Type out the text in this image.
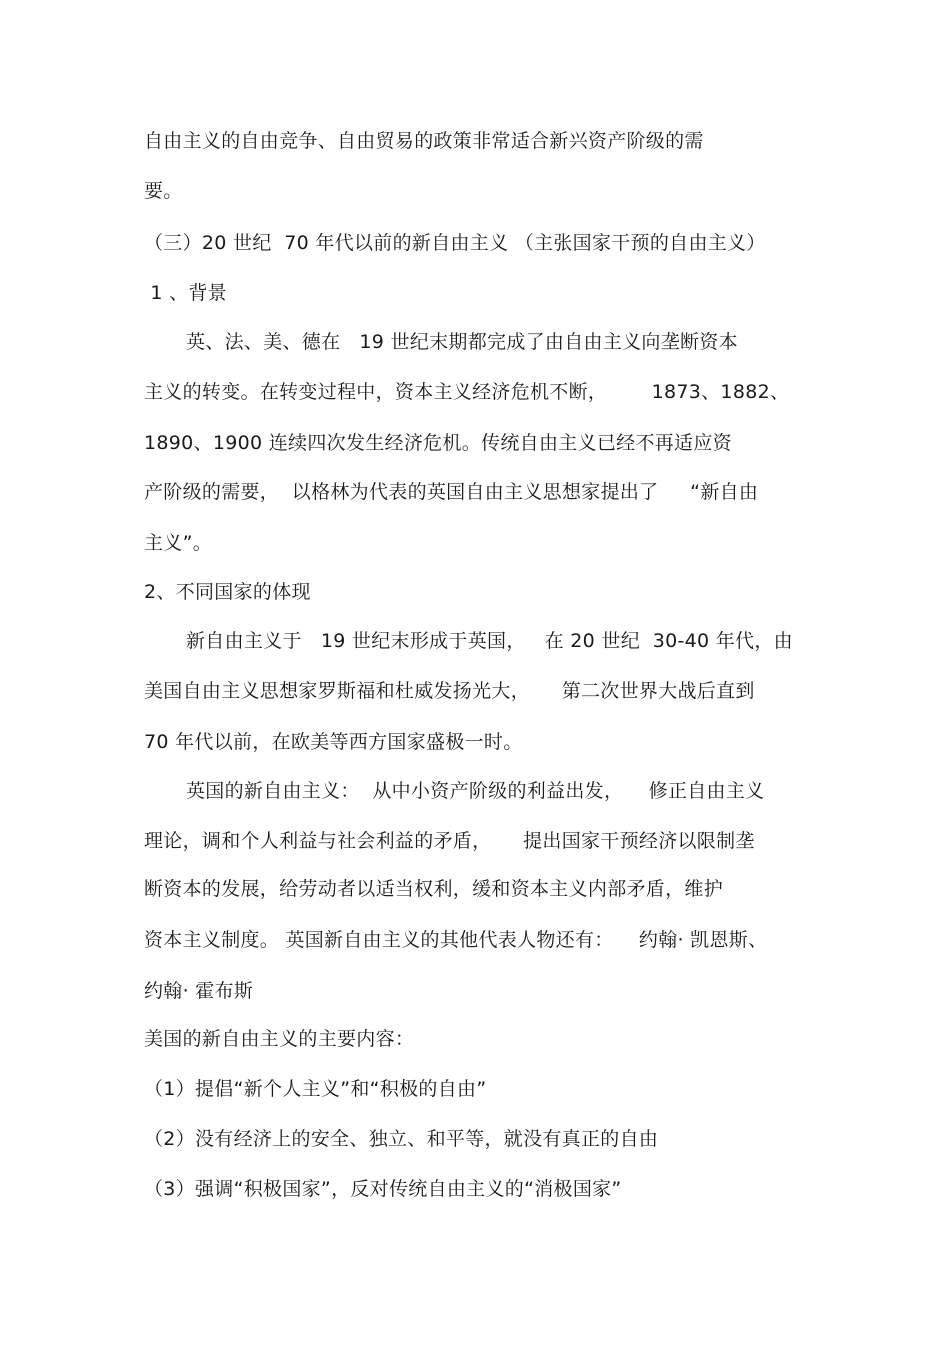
自由主义的自由竞争、自由贸易的政策非常适合新兴资产阶级的需
要。
（三）20 世纪  70 年代以前的新自由主义 （主张国家干预的自由主义）
1 、背景
英、法、美、德在   19 世纪末期都完成了由自由主义向垄断资本
主义的转变。在转变过程中，资本主义经济危机不断，       1873、1882、
1890、1900 连续四次发生经济危机。传统自由主义已经不再适应资
产阶级的需要，  以格林为代表的英国自由主义思想家提出了     “新自由
主义”。
2、不同国家的体现
新自由主义于   19 世纪末形成于英国，   在 20 世纪  30-40 年代，由
美国自由主义思想家罗斯福和杜威发扬光大，     第二次世界大战后直到
70 年代以前，在欧美等西方国家盛极一时。
英国的新自由主义：  从中小资产阶级的利益出发，    修正自由主义
理论，调和个人利益与社会利益的矛盾，     提出国家干预经济以限制垄
断资本的发展，给劳动者以适当权利，缓和资本主义内部矛盾，维护
资本主义制度。 英国新自由主义的其他代表人物还有：    约翰· 凯恩斯、
约翰· 霍布斯
美国的新自由主义的主要内容：
（1）提倡“新个人主义”和“积极的自由”
（2）没有经济上的安全、独立、和平等，就没有真正的自由
（3）强调“积极国家”，反对传统自由主义的“消极国家”
